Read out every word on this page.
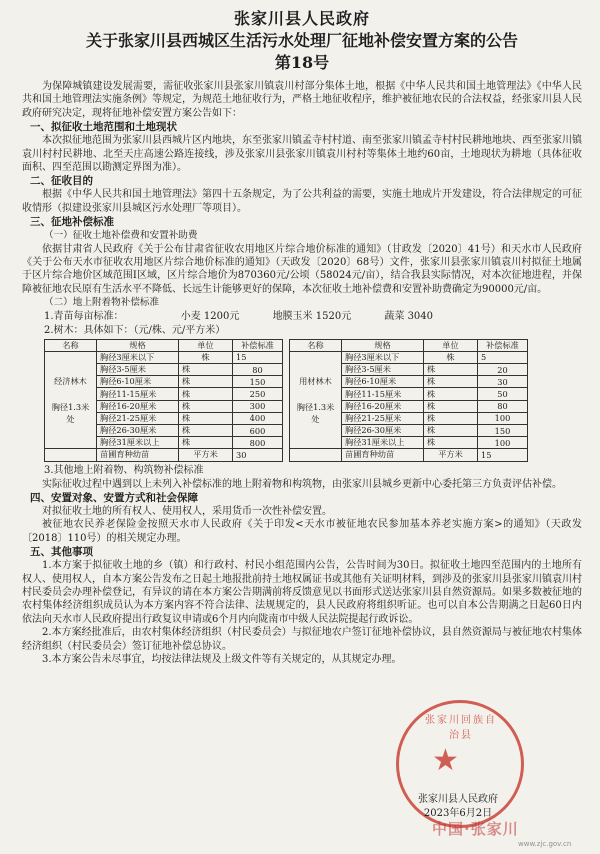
张家川县人民政府
关于张家川县西城区生活污水处理厂征地补偿安置方案的公告
第18号

为保障城镇建设发展需要，需征收张家川县张家川镇袁川村部分集体土地，根据《中华人民共和国土地管理法》《中华人民共和国土地管理法实施条例》等规定，为规范土地征收行为，严格土地征收程序，维护被征地农民的合法权益，经张家川县人民政府研究决定，现将征地补偿安置方案公告如下：

一、拟征收土地范围和土地现状

本次拟征地范围为张家川县西城片区内地块，东至张家川镇孟寺村村道、南至张家川镇孟寺村村民耕地地块、西至张家川镇袁川村村民耕地、北至天庄高速公路连接线，涉及张家川县张家川镇袁川村村等集体土地约60亩，土地现状为耕地（具体征收面积、四至范围以勘测定界图为准）。

二、征收目的

根据《中华人民共和国土地管理法》第四十五条规定，为了公共利益的需要，实施土地成片开发建设，符合法律规定的可征收情形（拟建设张家川县城区污水处理厂等项目）。

三、征地补偿标准
（一）征收土地补偿费和安置补助费

依据甘肃省人民政府《关于公布甘肃省征收农用地区片综合地价标准的通知》（甘政发〔2020〕41号）和天水市人民政府《关于公布天水市征收农用地区片综合地价标准的通知》（天政发〔2020〕68号）文件，张家川县张家川镇袁川村拟征土地属于区片综合地价区域范围Ⅰ区域，区片综合地价为870360元/公顷（58024元/亩），结合我县实际情况，对本次征地进程，并保障被征地农民原有生活水平不降低、长远生计能够更好的保障，本次征收土地补偿费和安置补助费确定为90000元/亩。

（二）地上附着物补偿标准
1.青苗每亩标准：	小麦 1200元	地膜玉米 1520元	蔬菜 3040
2.树木：具体如下：（元/株、元/平方米）
名称	规格	单位	补偿标准

经济林木
胸径1.3米处	胸径3厘米以下	株	15
	胸径3-5厘米	株	80
	胸径6-10厘米	株	150
	胸径11-15厘米	株	250
	胸径16-20厘米	株	300
	胸径21-25厘米	株	400
	胸径26-30厘米	株	600
	胸径31厘米以上	株	800
	苗圃育种幼苗	平方米	30
名称	规格	单位	补偿标准

用材林木
胸径1.3米处	胸径3厘米以下	株	5
	胸径3-5厘米	株	20
	胸径6-10厘米	株	30
	胸径11-15厘米	株	50
	胸径16-20厘米	株	80
	胸径21-25厘米	株	100
	胸径26-30厘米	株	150
	胸径31厘米以上	株	100
	苗圃育种幼苗	平方米	15
3.其他地上附着物、构筑物补偿标准

实际征收过程中遇到以上未列入补偿标准的地上附着物和构筑物，由张家川县城乡更新中心委托第三方负责评估补偿。

四、安置对象、安置方式和社会保障

对拟征收土地的所有权人、使用权人，采用货币一次性补偿安置。

被征地农民养老保险金按照天水市人民政府《关于印发<天水市被征地农民参加基本养老实施方案>的通知》（天政发〔2018〕110号）的相关规定办理。

五、其他事项

1.本方案于拟征收土地的乡（镇）和行政村、村民小组范围内公告，公告时间为30日。拟征收土地四至范围内的土地所有权人、使用权人，自本方案公告发布之日起土地报批前持土地权属证书或其他有关证明材料，到涉及的张家川县张家川镇袁川村村民委员会办理补偿登记，有异议的请在本方案公告期满前将反馈意见以书面形式送达张家川县自然资源局。如果多数被征地的农村集体经济组织成员认为本方案内容不符合法律、法规规定的，县人民政府将组织听证。也可以自本公告期满之日起60日内依法向天水市人民政府提出行政复议申请或6个月内向陇南市中级人民法院提起行政诉讼。

2.本方案经批准后，由农村集体经济组织（村民委员会）与拟征地农户签订征地补偿协议，县自然资源局与被征地农村集体经济组织（村民委员会）签订征地补偿总协议。

3.本方案公告未尽事宜，均按法律法规及上级文件等有关规定的，从其规定办理。

张家川回族自治县
★
张家川县人民政府
2023年6月2日
中国·张家川
www.zjc.gov.cn
